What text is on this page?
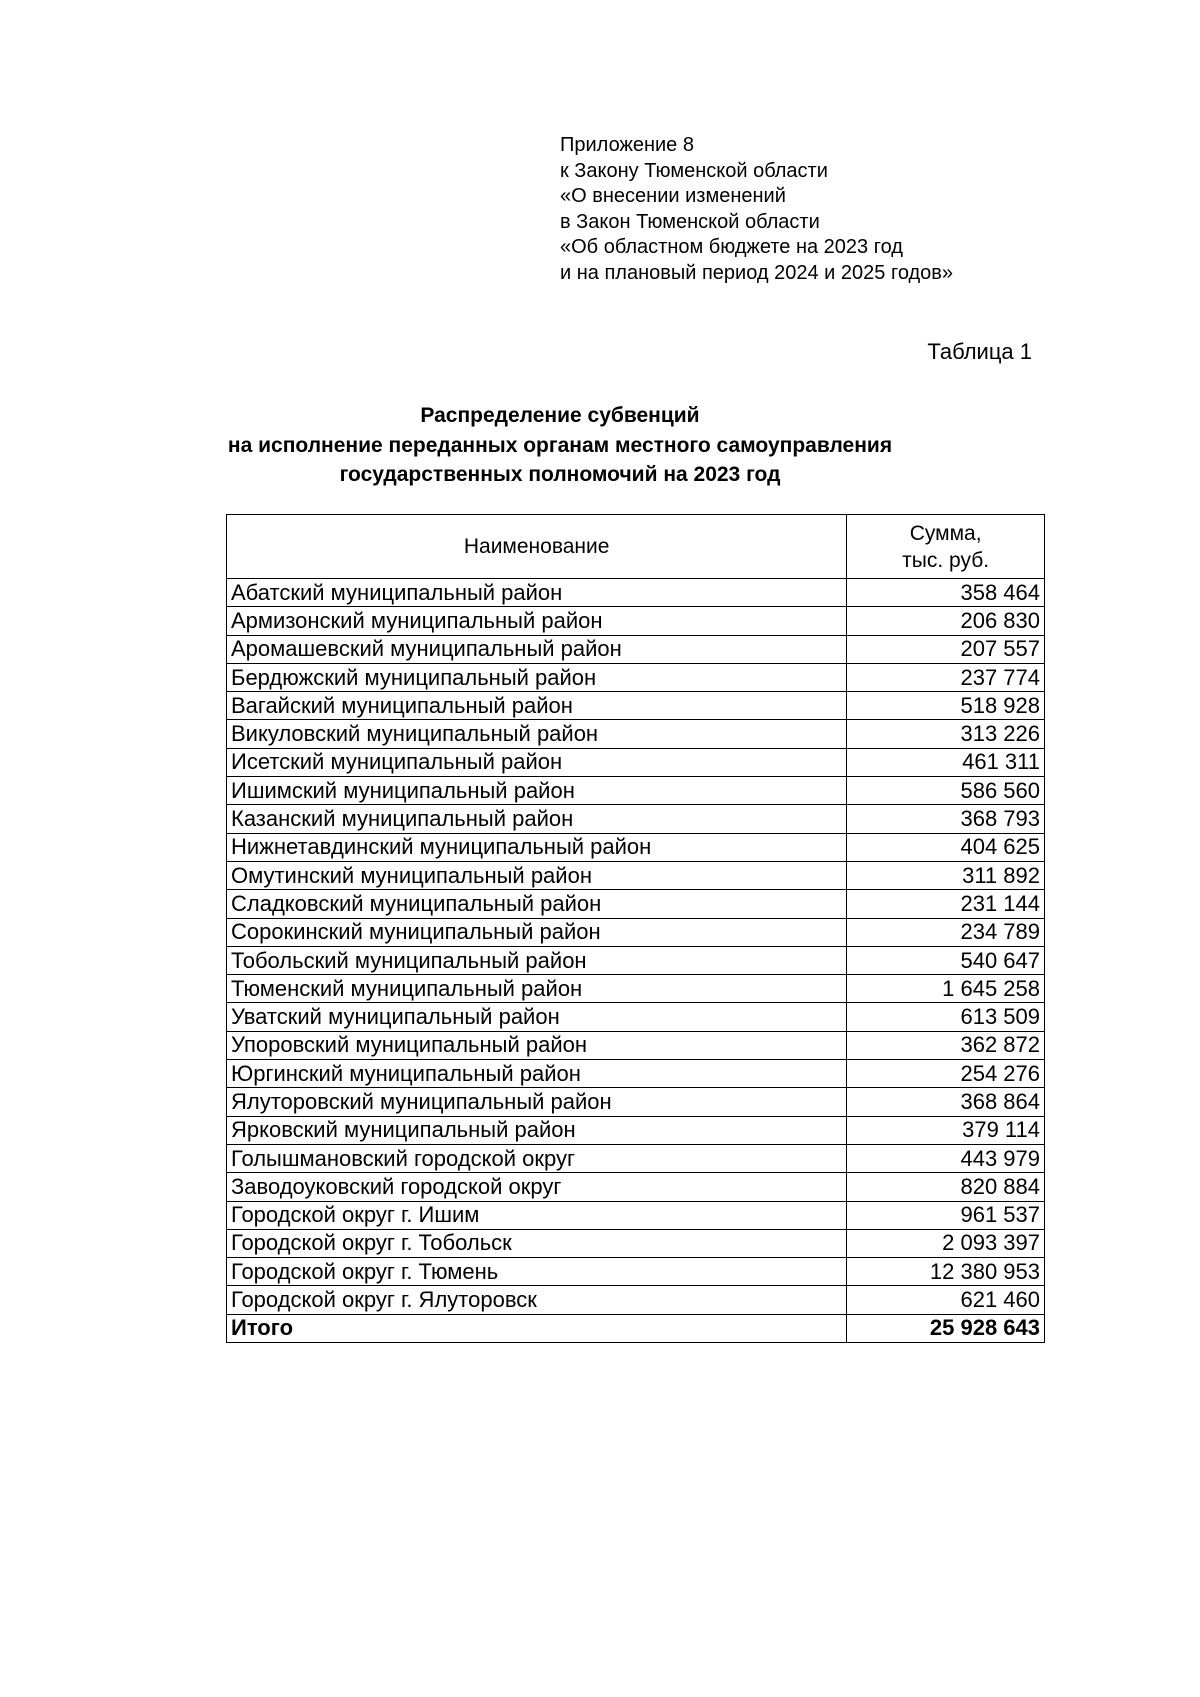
Приложение 8
к Закону Тюменской области
«О внесении изменений
в Закон Тюменской области
«Об областном бюджете на 2023 год
и на плановый период 2024 и 2025 годов»
Таблица 1
Распределение субвенций
на исполнение переданных органам местного самоуправления
государственных полномочий на 2023 год
Наименование	Сумма,
тыс. руб.

Абатский муниципальный район	358 464
Армизонский муниципальный район	206 830
Аромашевский муниципальный район	207 557
Бердюжский муниципальный район	237 774
Вагайский муниципальный район	518 928
Викуловский муниципальный район	313 226
Исетский муниципальный район	461 311
Ишимский муниципальный район	586 560
Казанский муниципальный район	368 793
Нижнетавдинский муниципальный район	404 625
Омутинский муниципальный район	311 892
Сладковский муниципальный район	231 144
Сорокинский муниципальный район	234 789
Тобольский муниципальный район	540 647
Тюменский муниципальный район	1 645 258
Уватский муниципальный район	613 509
Упоровский муниципальный район	362 872
Юргинский муниципальный район	254 276
Ялуторовский муниципальный район	368 864
Ярковский муниципальный район	379 114
Голышмановский городской округ	443 979
Заводоуковский городской округ	820 884
Городской округ г. Ишим	961 537
Городской округ г. Тобольск	2 093 397
Городской округ г. Тюмень	12 380 953
Городской округ г. Ялуторовск	621 460
Итого	25 928 643
